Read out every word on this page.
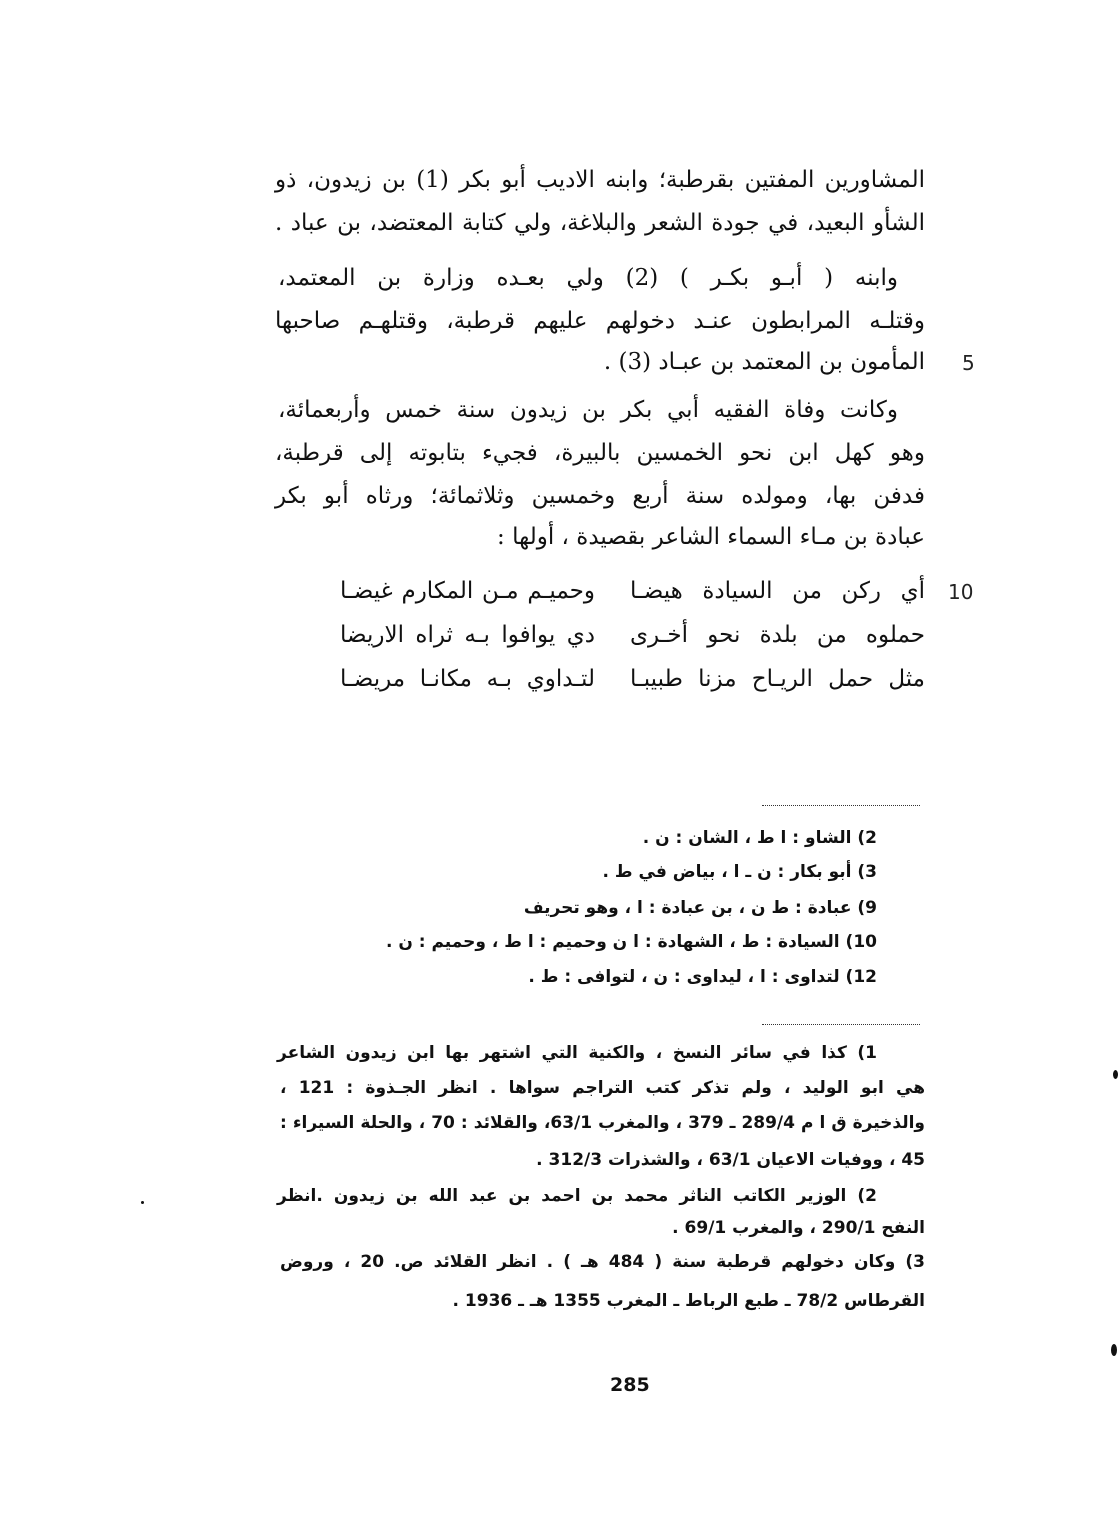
المشاورين المفتين بقرطبة؛ وابنه الاديب أبو بكر (1) بن زيدون، ذو
الشأو البعيد، في جودة الشعر والبلاغة، ولي كتابة المعتضد، بن عباد .
وابنه ( أبـو بكـر ) (2) ولي بعـده وزارة بن المعتمد،
وقتلـه المرابطون عنـد دخولهم عليهم قرطبة، وقتلهـم صاحبها
المأمون بن المعتمد بن عبـاد (3) . 5
وكانت وفاة الفقيه أبي بكر بن زيدون سنة خمس وأربعمائة،
وهو كهل ابن نحو الخمسين بالبيرة، فجيء بتابوته إلى قرطبة،
فدفن بها، ومولده سنة أربع وخمسين وثلاثمائة؛ ورثاه أبو بكر
عبادة بن مـاء السماء الشاعر بقصيدة ، أولها :
10
أي ركن من السيادة هيضـا
وحميـم مـن المكارم غيضـا
حملوه من بلدة نحو أخـرى
دي يوافوا بـه ثراه الاريضا
مثل حمل الريـاح مزنا طبيبـا
لتـداوي بـه مكانـا مريضـا
2) الشاو : ا ط ، الشان : ن .
3) أبو بكار : ن ـ ا ، بياض في ط .
9) عبادة : ط ن ، بن عبادة : ا ، وهو تحريف
10) السيادة : ط ، الشهادة : ا ن وحميم : ا ط ، وحميم : ن .
12) لتداوى : ا ، ليداوى : ن ، لتوافى : ط .
1) كذا في سائر النسخ ، والكنية التي اشتهر بها ابن زيدون الشاعر
هي ابو الوليد ، ولم تذكر كتب التراجم سواها . انظر الجـذوة : 121 ،
والذخيرة ق ا م 289/4 ـ 379 ، والمغرب 63/1، والقلائد : 70 ، والحلة السيراء :
45 ، ووفيات الاعيان 63/1 ، والشذرات 312/3 .
2) الوزير الكاتب الناثر محمد بن احمد بن عبد الله بن زيدون .انظر
النفح 290/1 ، والمغرب 69/1 .
3) وكان دخولهم قرطبة سنة ( 484 هـ ) . انظر القلائد ص. 20 ، وروض
القرطاس 78/2 ـ طبع الرباط ـ المغرب 1355 هـ ـ 1936 .
285
